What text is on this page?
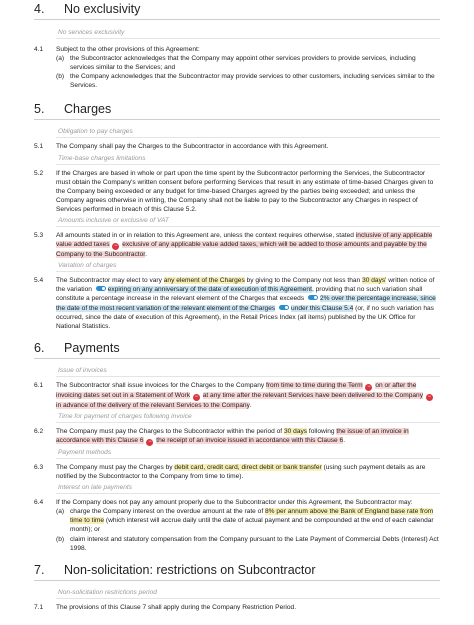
4.	No exclusivity
No services exclusivity
4.1	Subject to the other provisions of this Agreement:
(a) the Subcontractor acknowledges that the Company may appoint other services providers to provide services, including services similar to the Services; and
(b) the Company acknowledges that the Subcontractor may provide services to other customers, including services similar to the Services.
5.	Charges
Obligation to pay charges
5.1	The Company shall pay the Charges to the Subcontractor in accordance with this Agreement.
Time-base charges limitations
5.2	If the Charges are based in whole or part upon the time spent by the Subcontractor performing the Services, the Subcontractor must obtain the Company's written consent before performing Services that result in any estimate of time-based Charges given to the Company being exceeded or any budget for time-based Charges agreed by the parties being exceeded; and unless the Company agrees otherwise in writing, the Company shall not be liable to pay to the Subcontractor any Charges in respect of Services performed in breach of this Clause 5.2.
Amounts inclusive or exclusive of VAT
5.3	All amounts stated in or in relation to this Agreement are, unless the context requires otherwise, stated inclusive of any applicable value added taxes − exclusive of any applicable value added taxes, which will be added to those amounts and payable by the Company to the Subcontractor.
Variation of charges
5.4	The Subcontractor may elect to vary any element of the Charges by giving to the Company not less than 30 days' written notice of the variation expiring on any anniversary of the date of execution of this Agreement, providing that no such variation shall constitute a percentage increase in the relevant element of the Charges that exceeds 2% over the percentage increase, since the date of the most recent variation of the relevant element of the Charges under this Clause 5.4 (or, if no such variation has occurred, since the date of execution of this Agreement), in the Retail Prices Index (all items) published by the UK Office for National Statistics.
6.	Payments
Issue of invoices
6.1	The Subcontractor shall issue invoices for the Charges to the Company from time to time during the Term − on or after the invoicing dates set out in a Statement of Work − at any time after the relevant Services have been delivered to the Company − in advance of the delivery of the relevant Services to the Company.
Time for payment of charges following invoice
6.2	The Company must pay the Charges to the Subcontractor within the period of 30 days following the issue of an invoice in accordance with this Clause 6 − the receipt of an invoice issued in accordance with this Clause 6.
Payment methods
6.3	The Company must pay the Charges by debit card, credit card, direct debit or bank transfer (using such payment details as are notified by the Subcontractor to the Company from time to time).
Interest on late payments
6.4	If the Company does not pay any amount properly due to the Subcontractor under this Agreement, the Subcontractor may:
(a) charge the Company interest on the overdue amount at the rate of 8% per annum above the Bank of England base rate from time to time (which interest will accrue daily until the date of actual payment and be compounded at the end of each calendar month); or
(b) claim interest and statutory compensation from the Company pursuant to the Late Payment of Commercial Debts (Interest) Act 1998.
7.	Non-solicitation: restrictions on Subcontractor
Non-solicitation restrictions period
7.1	The provisions of this Clause 7 shall apply during the Company Restriction Period.
